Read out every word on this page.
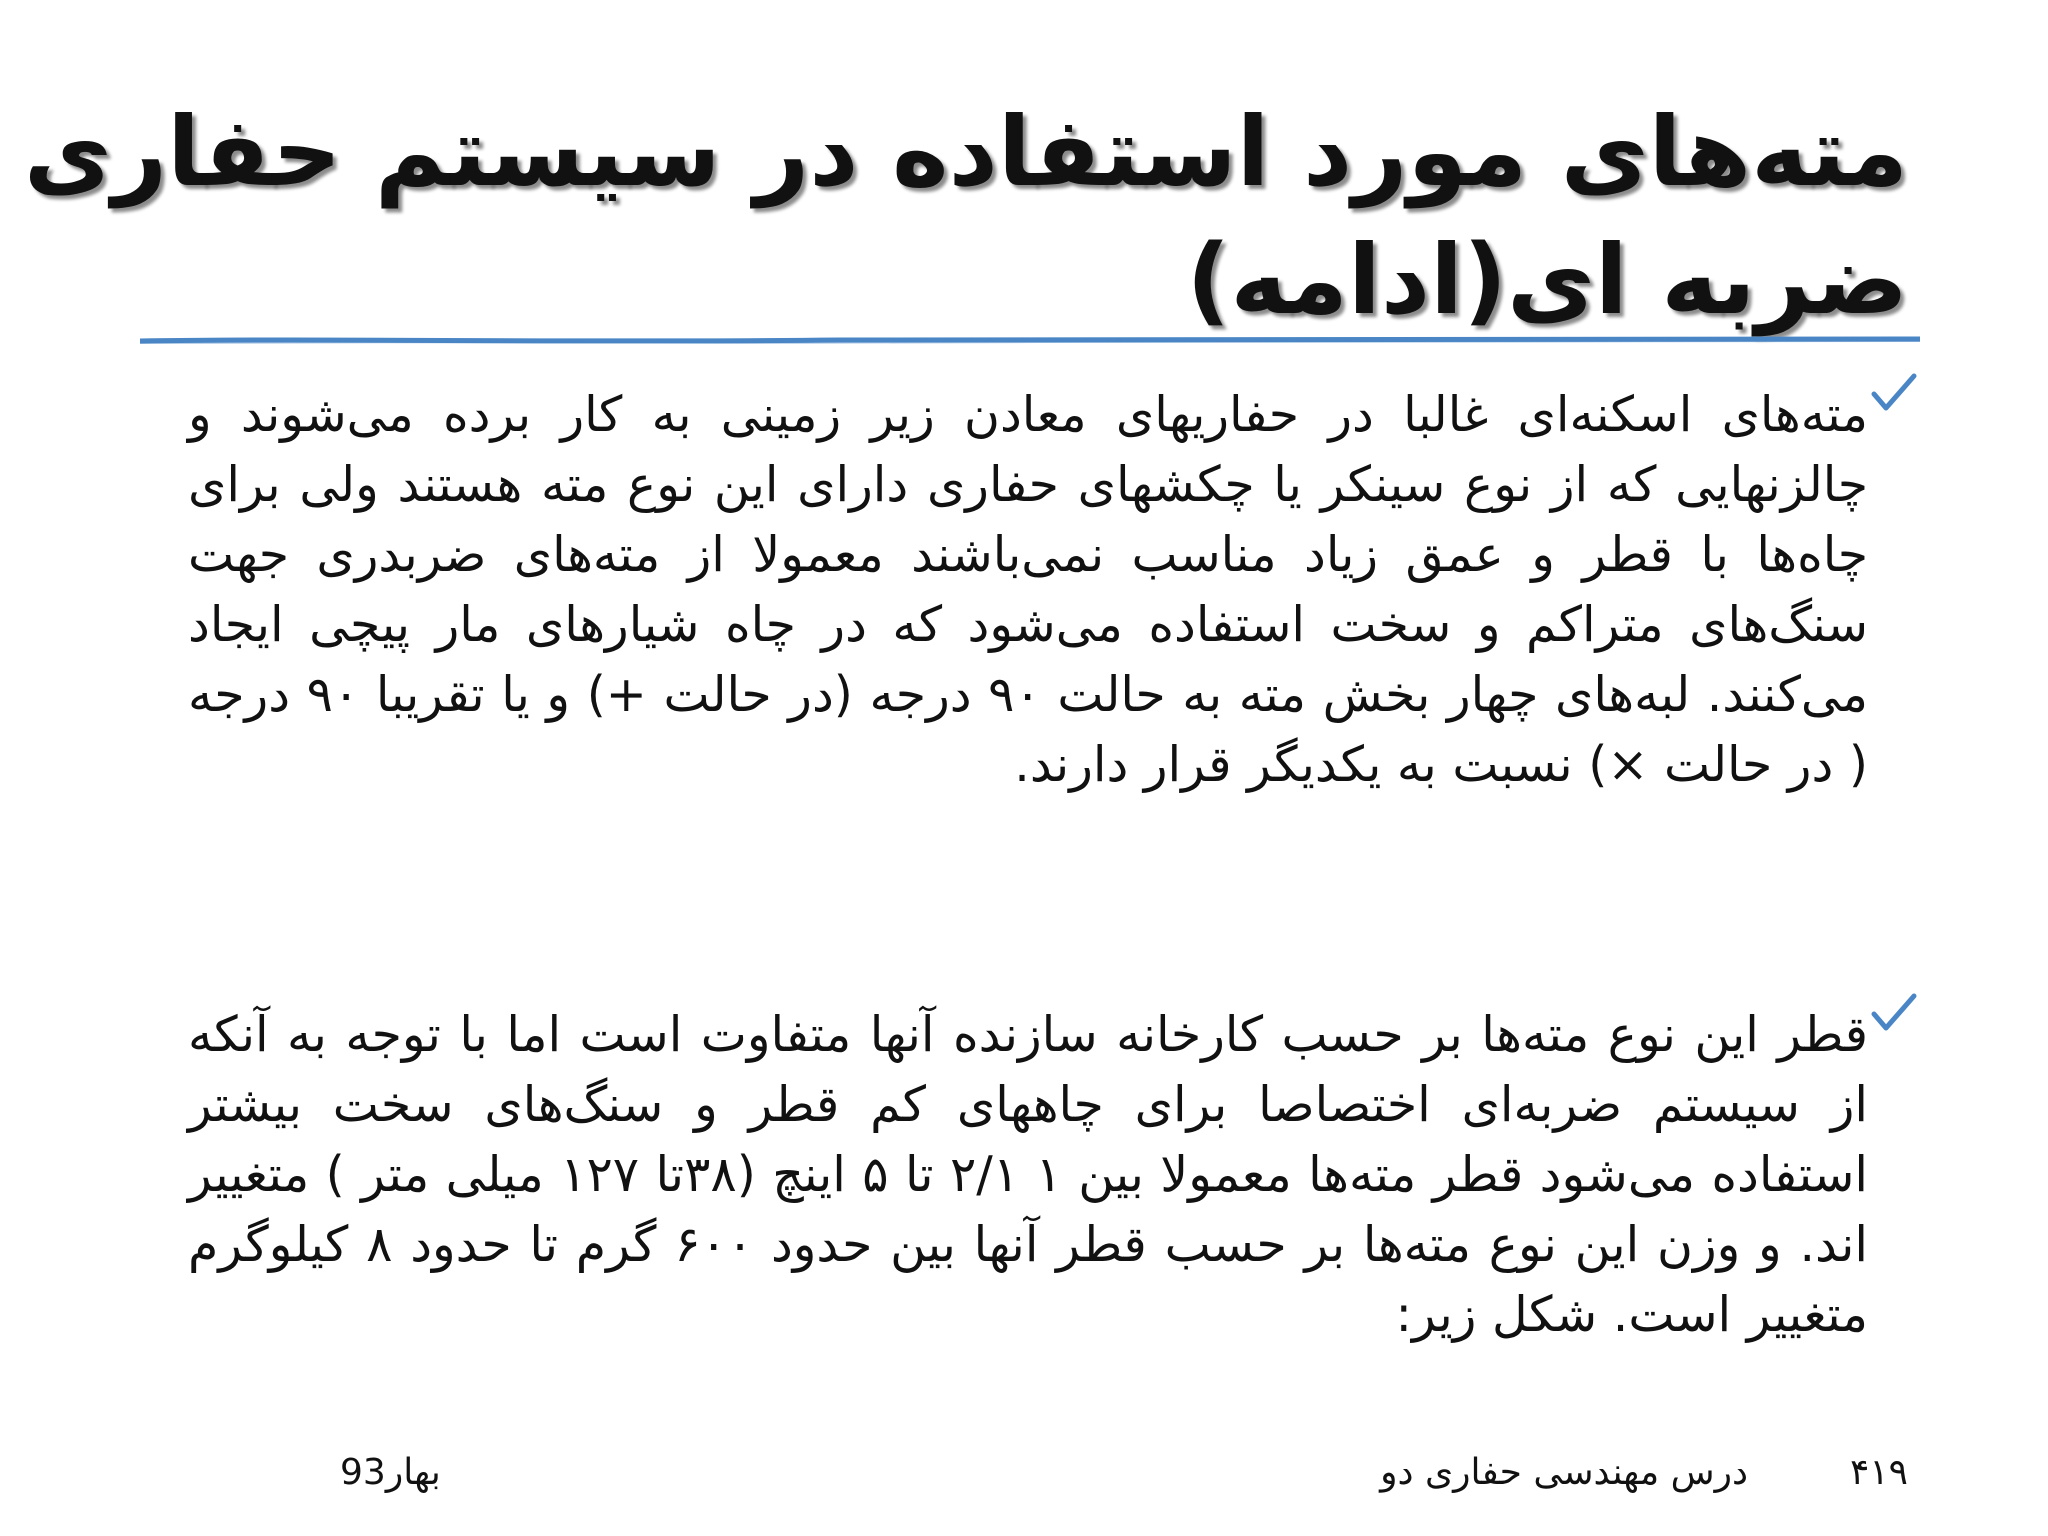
مته‌های مورد استفاده در سیستم حفاری
ضربه ای(ادامه)
مته‌های اسکنه‌ای غالبا در حفاریهای معادن زیر زمینی به کار برده می‌شوند و چالزنهایی که از نوع سینکر یا چکشهای حفاری دارای این نوع مته هستند ولی برای چاه‌ها با قطر و عمق زیاد مناسب نمی‌باشند معمولا از مته‌های ضربدری جهت سنگ‌های متراکم و سخت استفاده می‌شود که در چاه شیارهای مار پیچی ایجاد می‌کنند. لبه‌های چهار بخش مته به حالت ۹۰ درجه (در حالت +) و یا تقریبا ۹۰ درجه ( در حالت ×) نسبت به یکدیگر قرار دارند.
قطر این نوع مته‌ها بر حسب کارخانه سازنده آنها متفاوت است اما با توجه به آنکه از سیستم ضربه‌ای اختصاصا برای چاههای کم قطر و سنگ‌های سخت بیشتر استفاده می‌شود قطر مته‌ها معمولا بین ۱ ۲/۱ تا ۵ اینچ (۳۸تا ۱۲۷ میلی متر ) متغییر اند. و وزن این نوع مته‌ها بر حسب قطر آنها بین حدود ۶۰۰ گرم تا حدود ۸ کیلوگرم متغییر است. شکل زیر:
۴۱۹
درس مهندسی حفاری دو
بهار93
